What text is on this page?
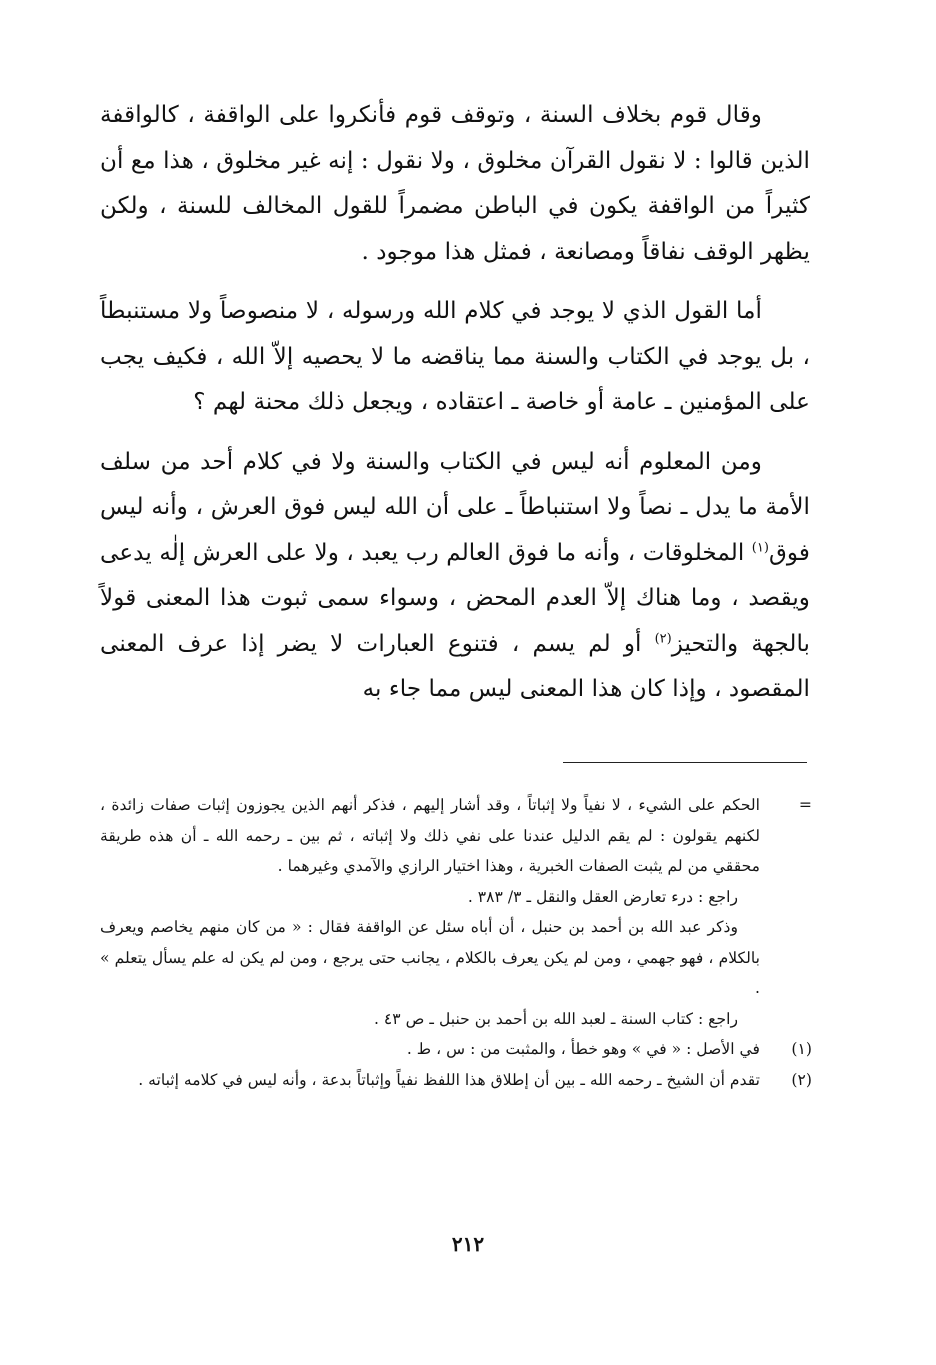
وقال قوم بخلاف السنة ، وتوقف قوم فأنكروا على الواقفة ، كالواقفة الذين قالوا : لا نقول القرآن مخلوق ، ولا نقول : إنه غير مخلوق ، هذا مع أن كثيراً من الواقفة يكون في الباطن مضمراً للقول المخالف للسنة ، ولكن يظهر الوقف نفاقاً ومصانعة ، فمثل هذا موجود .

أما القول الذي لا يوجد في كلام الله ورسوله ، لا منصوصاً ولا مستنبطاً ، بل يوجد في الكتاب والسنة مما يناقضه ما لا يحصيه إلاّ الله ، فكيف يجب على المؤمنين ـ عامة أو خاصة ـ اعتقاده ، ويجعل ذلك محنة لهم ؟

ومن المعلوم أنه ليس في الكتاب والسنة ولا في كلام أحد من سلف الأمة ما يدل ـ نصاً ولا استنباطاً ـ على أن الله ليس فوق العرش ، وأنه ليس فوق$^{(١)}$ المخلوقات ، وأنه ما فوق العالم رب يعبد ، ولا على العرش إلٰه يدعى ويقصد ، وما هناك إلاّ العدم المحض ، وسواء سمى ثبوت هذا المعنى قولاً بالجهة والتحيز$^{(٢)}$ أو لم يسم ، فتنوع العبارات لا يضر إذا عرف المعنى المقصود ، وإذا كان هذا المعنى ليس مما جاء به

=

الحكم على الشيء ، لا نفياً ولا إثباتاً ، وقد أشار إليهم ، فذكر أنهم الذين يجوزون إثبات صفات زائدة ، لكنهم يقولون : لم يقم الدليل عندنا على نفي ذلك ولا إثباته ، ثم بين ـ رحمه الله ـ أن هذه طريقة محققي من لم يثبت الصفات الخبرية ، وهذا اختيار الرازي والآمدي وغيرهما .

راجع : درء تعارض العقل والنقل ـ ٣/ ٣٨٣ .

وذكر عبد الله بن أحمد بن حنبل ، أن أباه سئل عن الواقفة فقال : « من كان منهم يخاصم ويعرف بالكلام ، فهو جهمي ، ومن لم يكن يعرف بالكلام ، يجانب حتى يرجع ، ومن لم يكن له علم يسأل يتعلم » .

راجع : كتاب السنة ـ لعبد الله بن أحمد بن حنبل ـ ص ٤٣ .

(١)

في الأصل : « في » وهو خطأ ، والمثبت من : س ، ط .

(٢)

تقدم أن الشيخ ـ رحمه الله ـ بين أن إطلاق هذا اللفظ نفياً وإثباتاً بدعة ، وأنه ليس في كلامه إثباته .

٢١٢
